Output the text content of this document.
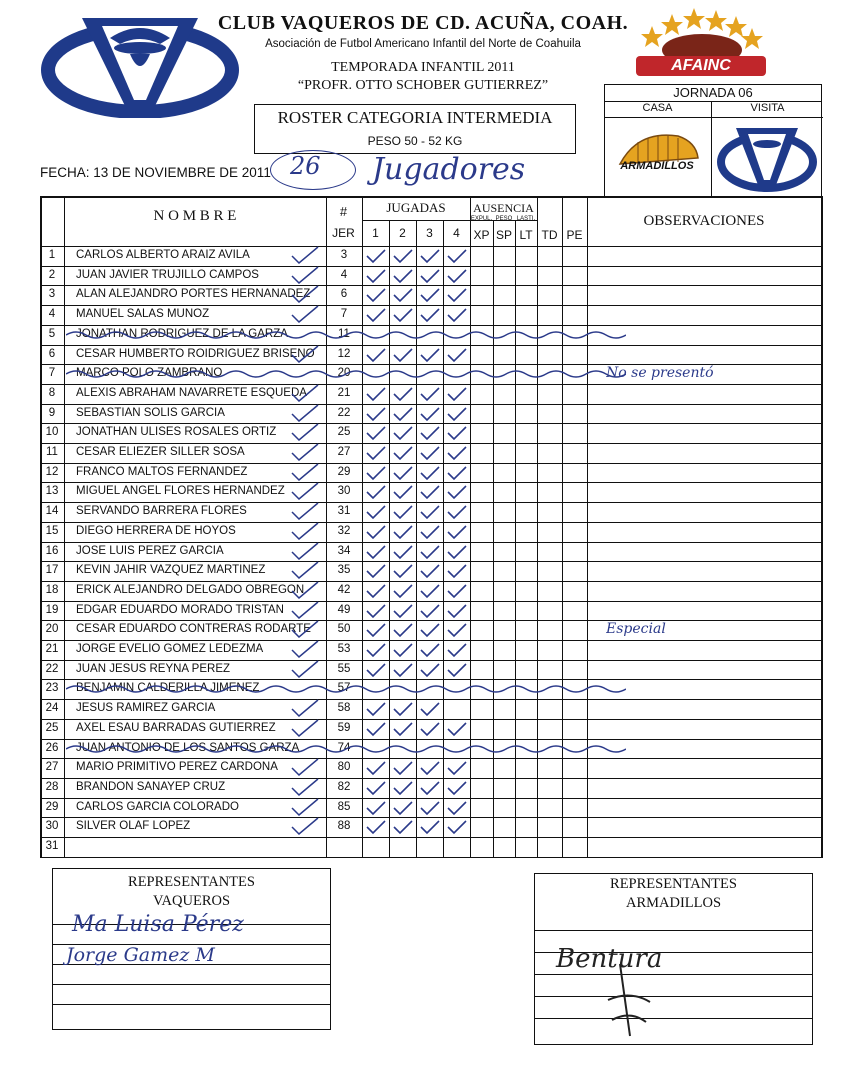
AFAINC
CLUB VAQUEROS DE CD. ACUÑA, COAH.
Asociación de Futbol Americano Infantil del Norte de Coahuila
TEMPORADA INFANTIL 2011
“PROFR. OTTO SCHOBER GUTIERREZ”
ROSTER CATEGORIA INTERMEDIA
PESO 50 - 52 KG
JORNADA 06
CASA	VISITA
ARMADILLOS
FECHA: 13 DE NOVIEMBRE DE 2011 26 Jugadores
N O M B R E	#
JER
JUGADAS
1	2	3	4
AUSENCIA
EXPUL. PESO LASTI.
XP SP LT TD PE
OBSERVACIONES
1	CARLOS ALBERTO ARAIZ AVILA	3
2	JUAN JAVIER TRUJILLO CAMPOS	4
3	ALAN ALEJANDRO PORTES HERNANADEZ	6
4	MANUEL SALAS MUÑOZ	7
5	JONATHAN RODRIGUEZ DE LA GARZA	11
6	CESAR HUMBERTO ROIDRIGUEZ BRISEÑO	12
7	MARCO POLO ZAMBRANO	20	No se presentó
8	ALEXIS ABRAHAM NAVARRETE ESQUEDA	21
9	SEBASTIAN SOLIS GARCIA	22
10	JONATHAN ULISES ROSALES ORTIZ	25
11	CESAR ELIEZER SILLER SOSA	27
12	FRANCO MALTOS FERNANDEZ	29
13	MIGUEL ANGEL FLORES HERNANDEZ	30
14	SERVANDO BARRERA FLORES	31
15	DIEGO HERRERA DE HOYOS	32
16	JOSE LUIS PEREZ GARCIA	34
17	KEVIN JAHIR VAZQUEZ MARTINEZ	35
18	ERICK ALEJANDRO DELGADO OBREGON	42
19	EDGAR EDUARDO MORADO TRISTAN	49
20	CESAR EDUARDO CONTRERAS RODARTE	50	Especial
21	JORGE EVELIO GOMEZ LEDEZMA	53
22	JUAN JESUS REYNA PEREZ	55
23	BENJAMIN CALDERILLA JIMENEZ	57
24	JESUS RAMIREZ GARCIA	58
25	AXEL ESAU BARRADAS GUTIERREZ	59
26	JUAN ANTONIO DE LOS SANTOS GARZA	74
27	MARIO PRIMITIVO PEREZ CARDONA	80
28	BRANDON SANAYEP CRUZ	82
29	CARLOS GARCIA COLORADO	85
30	SILVER OLAF LOPEZ	88
31
REPRESENTANTES
VAQUEROS
Ma Luisa Pérez
Jorge Gamez M
REPRESENTANTES
ARMADILLOS
Bentura
